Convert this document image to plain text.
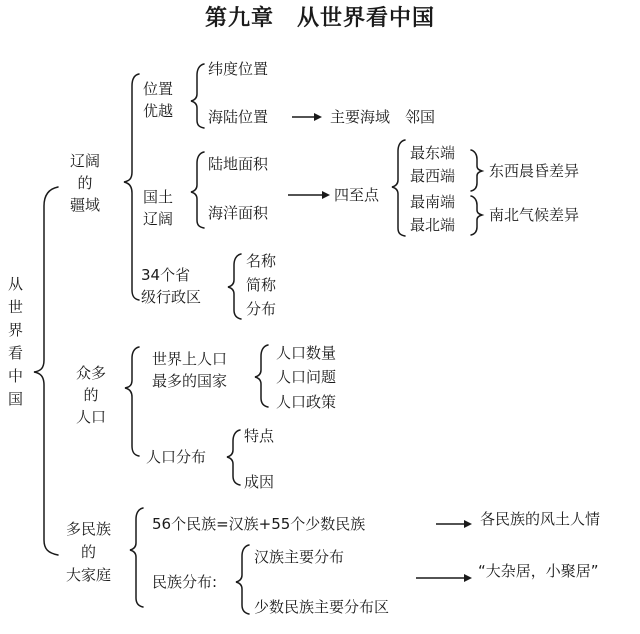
第九章　从世界看中国
从
世
界
看
中
国
辽阔
的
疆域
位置
优越
纬度位置
海陆位置	主要海域　邻国
国土
辽阔
陆地面积
海洋面积
四至点
最东端
最西端
最南端
最北端
东西晨昏差异
南北气候差异
34个省
级行政区
名称
简称
分布
众多
的
人口
世界上人口
最多的国家
人口数量
人口问题
人口政策
人口分布
特点
成因
多民族
的
大家庭
56个民族=汉族+55个少数民族	各民族的风土人情
民族分布:
汉族主要分布
少数民族主要分布区
“大杂居，小聚居”
